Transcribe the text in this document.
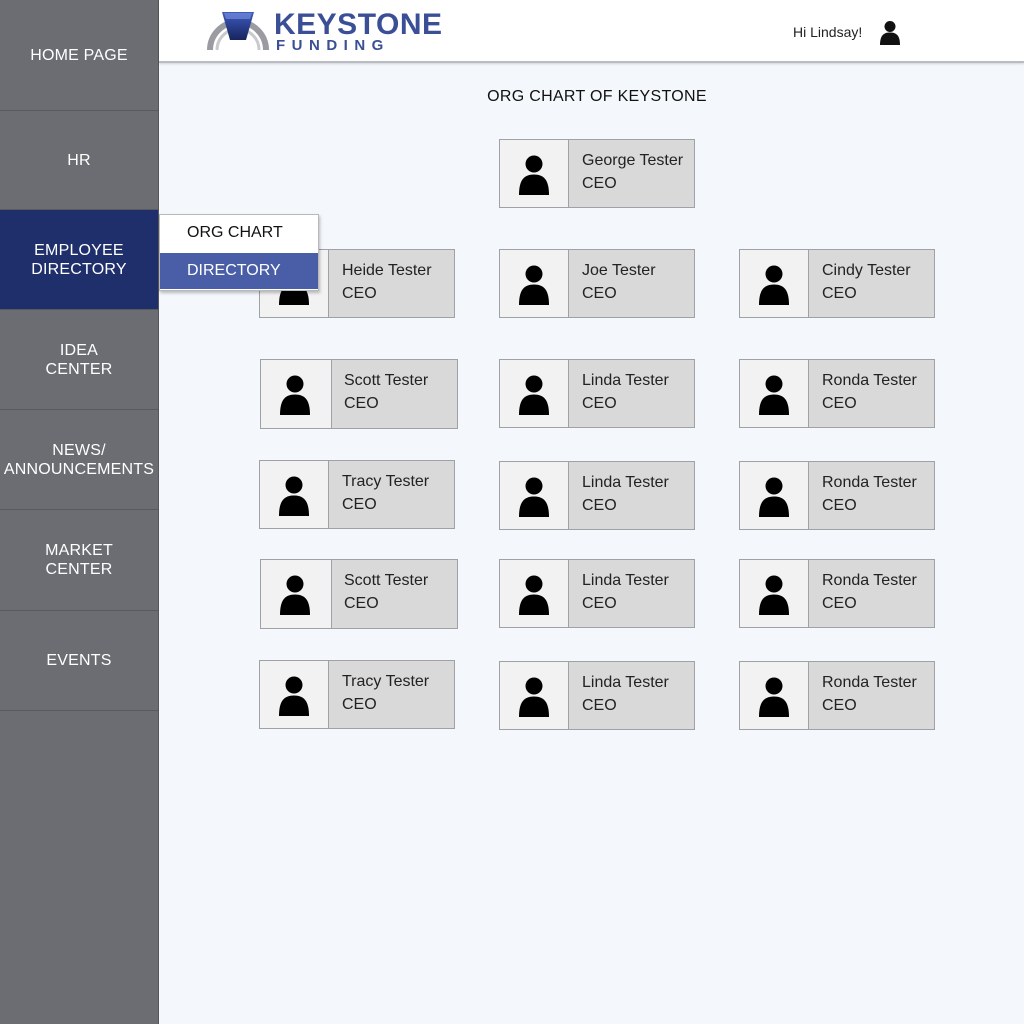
HOME PAGE
HR
EMPLOYEE
DIRECTORY
IDEA
CENTER
NEWS/
ANNOUNCEMENTS
MARKET
CENTER
EVENTS
KEYSTONE
FUNDING
Hi Lindsay!
ORG CHART OF KEYSTONE
George Tester
CEO
Heide Tester
CEO
Joe Tester
CEO
Cindy Tester
CEO
Scott Tester
CEO
Linda Tester
CEO
Ronda Tester
CEO
Tracy Tester
CEO
Linda Tester
CEO
Ronda Tester
CEO
Scott Tester
CEO
Linda Tester
CEO
Ronda Tester
CEO
Tracy Tester
CEO
Linda Tester
CEO
Ronda Tester
CEO
ORG CHART
DIRECTORY
